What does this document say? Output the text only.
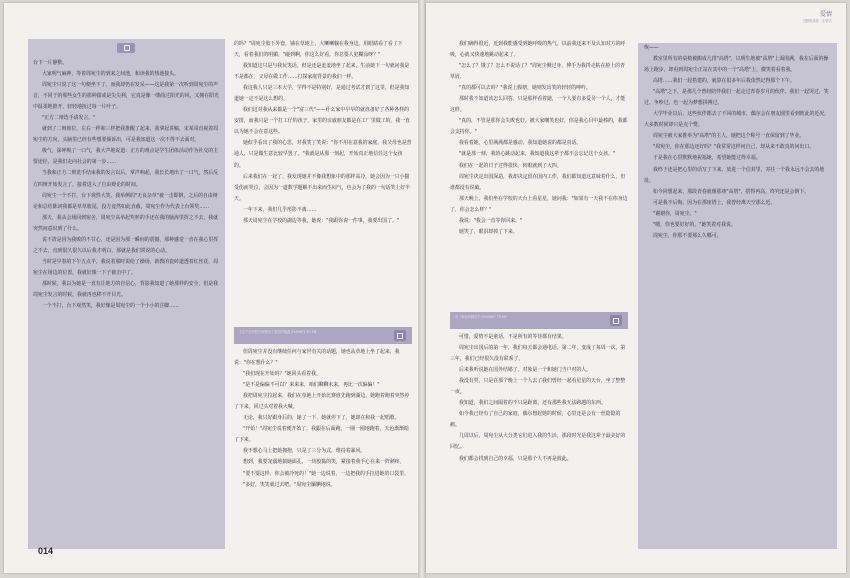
台下一片静默。

大家明气麻神，等着周宛尘的到来之间池，和读我的热池接头。

周宛尘只说了这一句便坐下了，而我却仍在发呆——这是我第一次听到周宛尘的声音，不同于的那些女生的那种甜或是尖尖利，它真是像一缕曲过阳光的风，又拥在阳光中温柔地推开，轻轻地抚过每一片叶子。

"正方二辩选手请发言。"

就到了二辩席位，左右一样和三样把我推醒了起来，我拿起讲稿，宋某哥直视着周宛尘的方向，头脑里已经有些想要倾诉出，可是我知道这一次不得不去面对。

吸气，深呼吸了一口气，我大声地说道：正方的观点是学生团体活动作为社交的主要途径，是我们走向社会的第一步……

当我和正方二辩选手结束我的发言以后，掌声响起，我长长地出了一口气，然后反方四辩开始发言了，接着进入了自由辩论的时间。

周宛尘一个不打，台下观然大笑，我举例的"无良杂草"被一击即倒，之后的自由辩论和总结陈词我都是草草收尾，投方竟然如此直截，周宛尘作为代表上台领奖……

那天，我从会场回到宿舍，周宛尘高举起奖杯的手还在我的脑海里挥之不去，我就突然间意识到了什么。

说不清是因为我败的不甘心，还是因为那一瞬间的震撼，那种感觉一直在我心里挥之不去，直到很久很久以后我才明白，那就是我们常说的心动。

当时是早春的下午五点半，我说着那时说给了操场，新教的瓷砖道透着红丝花，周宛尘在场边的位置，我就好像一下子被击中了。

那时候，我以为她是一直有让地方的自信心，背影我知道了她那样的安全，但是我周宛尘发言的时候，我就再也移不开目光。

一个不打，台下观然笑，我好像是周宛尘的一个小小的注脚……

的吗？"周宛尘胶下外套，铺在草地上，大喇喇躺在我身边，用眼睛看了看了下天，看着我们的明媚，"碰到啊，你这么好看，你总要人犯糊涂呀？"

我知道这只是与我玩笑话，但是还是羞羞地坐了起来，生前她下一句就问我是不是都在，父母在做工作……打探家庭背景的我们一样。

我这我人只是三本大学，学得不是特别好，是通过考试才到了这里，但是我知道她一定不是这么想的。

我们这对我从来都是一个"富三代"——什么家中早早的就准备好了各种各样的安排，而我只是一个打工仔的孩子，家里的亲戚朋友都是在工厂里做工的，我一直以为她不会在意这些。

她似乎看出了我的心思，对我笑了笑说："你不用在意我的家庭，我父母也是普通人，只是做生意比较早罢了。"我就是从那一刻起，开始真正地信任这个女孩的。

后来我们在一起了，我发现她并不像我想象中的那样高冷，她会因为一只小猫受伤而哭泣，会因为一道数学题解不出来而生闷气，也会为了我的一句话笑上好半天。

一年下来，我们几乎形影不离……

那天周宛尘在学校的湖边等我，她说："我跟你说一件事，我要出国了。"

人生中总有些告别是为了更好的相遇 JOURNEY TO ME

但周宛尘并没有继续任何与家世有关的话题，她也从草地上坐了起来，我说："你在想什么？"

"我们现在开始吗？"她回头看着我。

"是不是偏偏不可以？来来来，咱们聊聊未来，再比一次偏偏！"

我把周宛尘拉起来，我们在草地上开始比赛谁先跑到湖边，她跑着跑着突然停了下来，回过头对着我大喊。

无论，我只好跟身后的，她了一下，她就停下了，她却在和我一起唱歌。

"开始！"周宛尘说着便开始了，我跟在后面跑，一圈一圈地跑着，天色渐渐暗了下来。

我不想心马上把她拥抱，只是了三分为式，维持着暴风。

想到，我要宠溺地搞她面孔，一块胶黏的笑，紧接着我手心在来一阵刺疼。

"要不要这样，你会被冷死的！"她一边说着，一边把我的手拉进她的口袋里。

"多好，笑笑就过去吧。"周宛尘腼腆地说。

014
爱情
沉默的高度 · 文/佚名

我们确得很近，近到我能感受到她呼吸的热气，以前我还来不及认知对方的呼吸，心就又快速地跳动起来了。

"怎么了？饿了？怎么不说话了？"周宛尘侧过身，伸手为我捋走粘在脸上的青草屑。

"真的都可以去吗？"我说上腹塘，她则发出笑的轻轻的呻吟。

那时我不知道该怎么回答，只是那样看着她，一个人要有多爱另一个人，才能这样。

"真的，不管是那你会失败也好，被大家嘲笑也好，你是我心目中最棒的，我都会支持你。"

我看着她，心里满满都是感动，我知道她说的都是真话。

"就是那一刻，我的心跳动起来，我知道我这辈子都不会忘记这个女孩。"

我们在一起的日子过得很快，转眼就到了大四。

周宛尘决定出国深造，我却决定留在国内工作，我们都知道这意味着什么，但谁都没有说破。

那天晚上，我们坐在学校的天台上看星星，她问我："如果有一天我不在你身边了，你会怎么样？"

我说："我会一直等你回来。"

她笑了，眼泪却掉了下来。

有一种爱叫做放手 JOURNEY TO ME

可惜，爱情不是童话，不是所有的等待都有结果。

周宛尘出国后的第一年，我们每天都会通电话，第二年，变成了每周一次，第三年，我们已经很久没有联系了。

后来我听说她在国外结婚了，对象是一个和她门当户对的人。

我没有哭，只是在那个晚上一个人去了我们曾经一起看星星的天台，坐了整整一夜。

我知道，我们之间隔着的不只是距离，还有那些我无法跨越的东西。

如今我已经有了自己的家庭，偶尔想起她的时候，心里还是会有一丝隐隐的痛。

几周以后，周宛尘从大分类它们进入我的生活，那段时光是我这辈子最美好的回忆。

我们都会找到自己的幸福，只是那个人不再是彼此。

恢——

教室里所有的桌椅被搬成几排"高塔"，以明生地被"高塔"上面围满，我在后面的操场上跑步，却看到周宛尘正站在其中的一个"高塔"上，微笑着看着我。

高塔……我们一起搭建的，就算在很多年后我依然记得那个下午。

"高塔"之下，是那几个曾经陪伴我们一起走过青春岁月的伙伴。我们一起哭过、笑过、争吵过，也一起为梦想拼搏过。

大学毕业以后，这些伙伴都去了不同的城市，偶尔会在朋友圈里看到彼此的近况，大多数时候却只是点个赞。

周宛尘被大家推举为"高塔"的主人，她把这个称号一直保留到了毕业。

"周宛尘，你在那边还好吗？"我常常这样问自己，却从来不敢真的问出口。

于是我在心里默默地祝福她，希望她能过得幸福。

我终于还是把心里的话写了下来，放进一个信封里，寄往一个我永远不会去的地址。

如今回想起来，那段青春就像那座"高塔"，搭得再高，终究还是会倒下。

可是我不后悔，因为在那座塔上，我曾经离天空那么近。

"谢谢你，周宛尘。"

"嗯，你也要好好的。"她笑着对我说。

周宛尘，你那不要那么久哪可。
